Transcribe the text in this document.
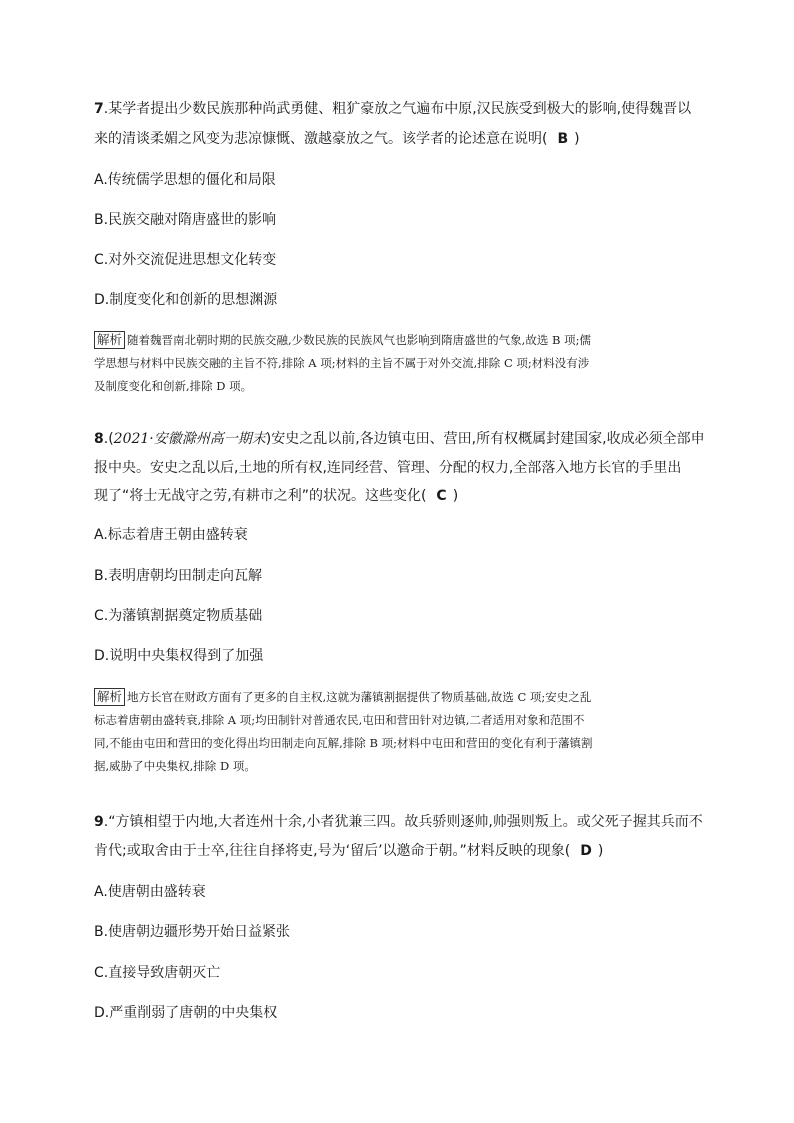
7.某学者提出少数民族那种尚武勇健、粗犷豪放之气遍布中原,汉民族受到极大的影响,使得魏晋以
来的清谈柔媚之风变为悲凉慷慨、激越豪放之气。该学者的论述意在说明( B )
A.传统儒学思想的僵化和局限
B.民族交融对隋唐盛世的影响
C.对外交流促进思想文化转变
D.制度变化和创新的思想渊源
解析 随着魏晋南北朝时期的民族交融,少数民族的民族风气也影响到隋唐盛世的气象,故选 B 项;儒
学思想与材料中民族交融的主旨不符,排除 A 项;材料的主旨不属于对外交流,排除 C 项;材料没有涉
及制度变化和创新,排除 D 项。
8.(2021·安徽滁州高一期末)安史之乱以前,各边镇屯田、营田,所有权概属封建国家,收成必须全部申
报中央。安史之乱以后,土地的所有权,连同经营、管理、分配的权力,全部落入地方长官的手里出
现了“将士无战守之劳,有耕市之利”的状况。这些变化( C )
A.标志着唐王朝由盛转衰
B.表明唐朝均田制走向瓦解
C.为藩镇割据奠定物质基础
D.说明中央集权得到了加强
解析 地方长官在财政方面有了更多的自主权,这就为藩镇割据提供了物质基础,故选 C 项;安史之乱
标志着唐朝由盛转衰,排除 A 项;均田制针对普通农民,屯田和营田针对边镇,二者适用对象和范围不
同,不能由屯田和营田的变化得出均田制走向瓦解,排除 B 项;材料中屯田和营田的变化有利于藩镇割
据,威胁了中央集权,排除 D 项。
9.“方镇相望于内地,大者连州十余,小者犹兼三四。故兵骄则逐帅,帅强则叛上。或父死子握其兵而不
肯代;或取舍由于士卒,往往自择将吏,号为‘留后’以邀命于朝。”材料反映的现象( D )
A.使唐朝由盛转衰
B.使唐朝边疆形势开始日益紧张
C.直接导致唐朝灭亡
D.严重削弱了唐朝的中央集权
